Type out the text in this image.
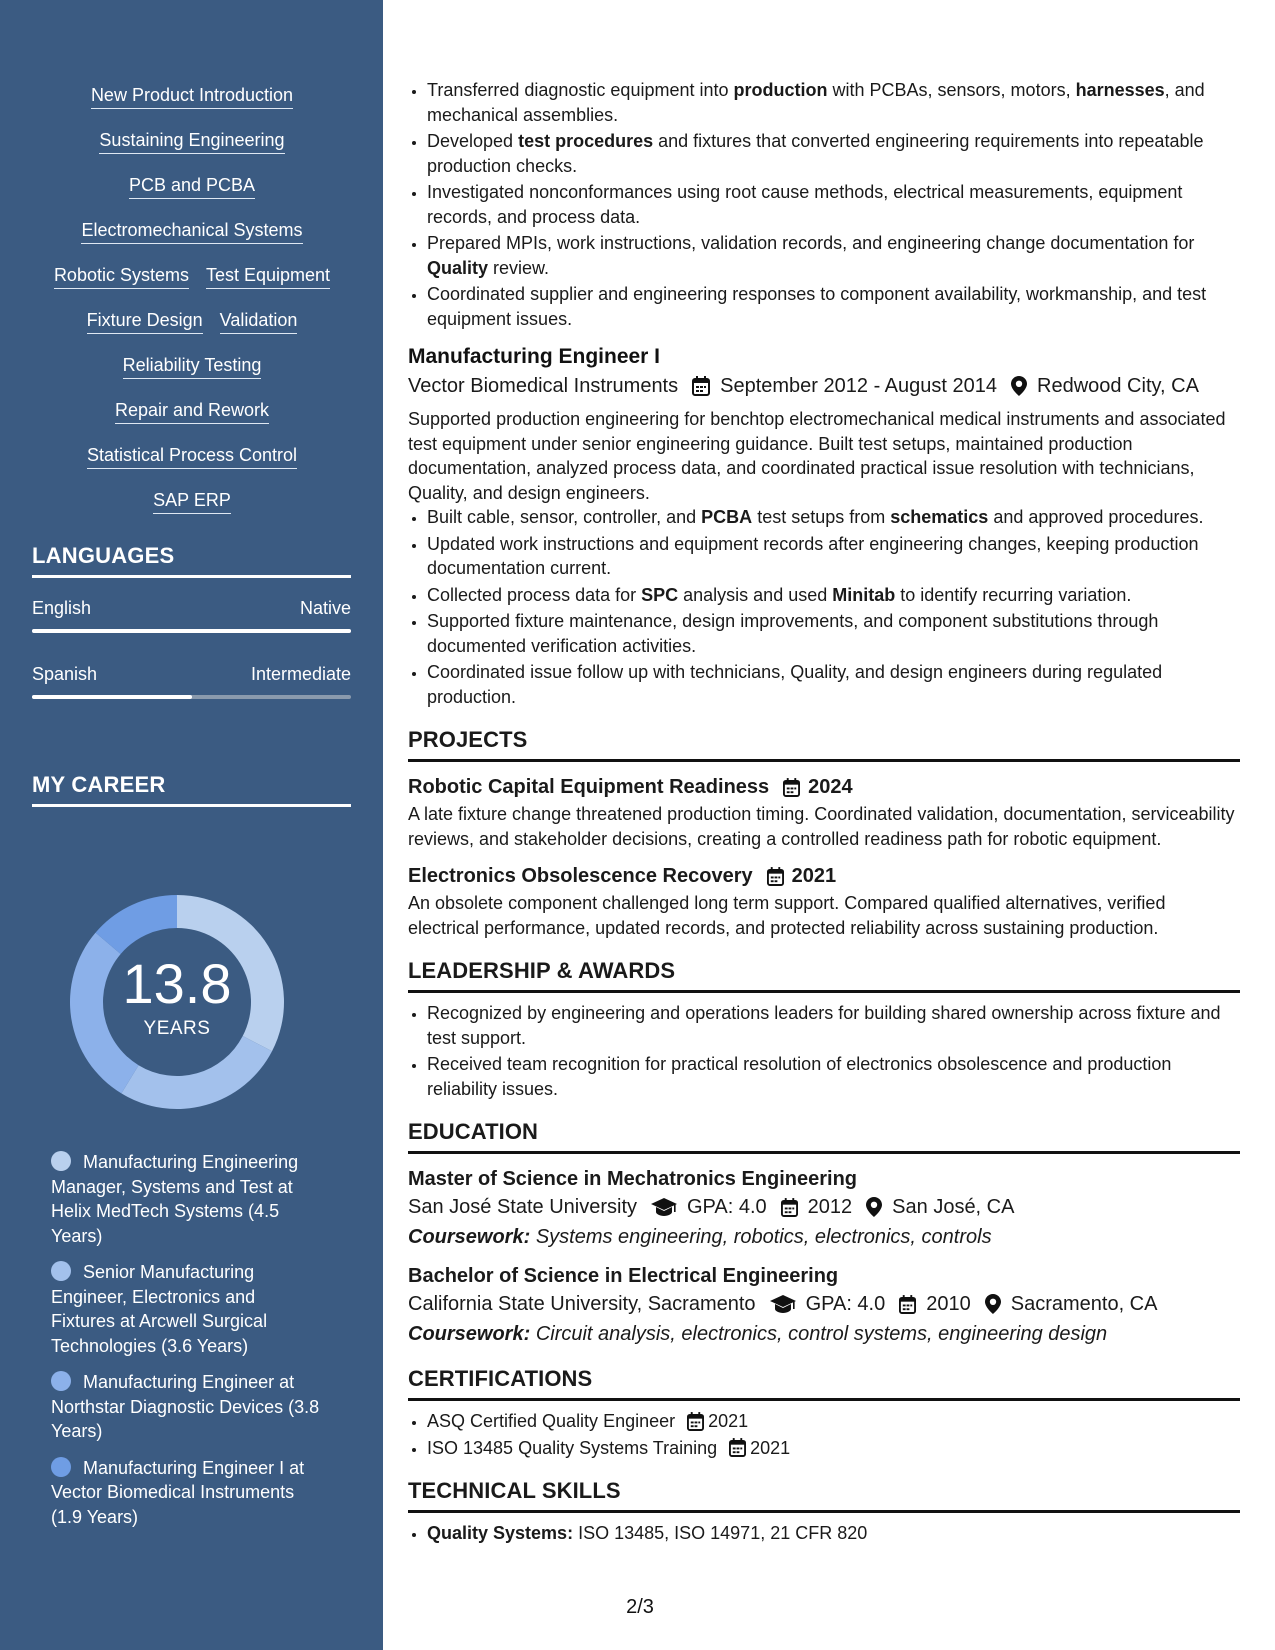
New Product Introduction
Sustaining Engineering
PCB and PCBA
Electromechanical Systems
Robotic Systems Test Equipment
Fixture Design Validation
Reliability Testing
Repair and Rework
Statistical Process Control
SAP ERP
LANGUAGES
English	Native
Spanish	Intermediate
MY CAREER
13.8
YEARS
Manufacturing Engineering Manager, Systems and Test at Helix MedTech Systems (4.5 Years)
Senior Manufacturing Engineer, Electronics and Fixtures at Arcwell Surgical Technologies (3.6 Years)
Manufacturing Engineer at Northstar Diagnostic Devices (3.8 Years)
Manufacturing Engineer I at Vector Biomedical Instruments (1.9 Years)
• Transferred diagnostic equipment into production with PCBAs, sensors, motors, harnesses, and mechanical assemblies.
• Developed test procedures and fixtures that converted engineering requirements into repeatable production checks.
• Investigated nonconformances using root cause methods, electrical measurements, equipment records, and process data.
• Prepared MPIs, work instructions, validation records, and engineering change documentation for Quality review.
• Coordinated supplier and engineering responses to component availability, workmanship, and test equipment issues.
Manufacturing Engineer I
Vector Biomedical Instruments September 2012 - August 2014 Redwood City, CA
Supported production engineering for benchtop electromechanical medical instruments and associated test equipment under senior engineering guidance. Built test setups, maintained production documentation, analyzed process data, and coordinated practical issue resolution with technicians, Quality, and design engineers.
• Built cable, sensor, controller, and PCBA test setups from schematics and approved procedures.
• Updated work instructions and equipment records after engineering changes, keeping production documentation current.
• Collected process data for SPC analysis and used Minitab to identify recurring variation.
• Supported fixture maintenance, design improvements, and component substitutions through documented verification activities.
• Coordinated issue follow up with technicians, Quality, and design engineers during regulated production.
PROJECTS
Robotic Capital Equipment Readiness 2024
A late fixture change threatened production timing. Coordinated validation, documentation, serviceability reviews, and stakeholder decisions, creating a controlled readiness path for robotic equipment.
Electronics Obsolescence Recovery 2021
An obsolete component challenged long term support. Compared qualified alternatives, verified electrical performance, updated records, and protected reliability across sustaining production.
LEADERSHIP & AWARDS
• Recognized by engineering and operations leaders for building shared ownership across fixture and test support.
• Received team recognition for practical resolution of electronics obsolescence and production reliability issues.
EDUCATION
Master of Science in Mechatronics Engineering
San José State University	GPA: 4.0 2012 San José, CA
Coursework: Systems engineering, robotics, electronics, controls
Bachelor of Science in Electrical Engineering
California State University, Sacramento	GPA: 4.0 2010 Sacramento, CA
Coursework: Circuit analysis, electronics, control systems, engineering design
CERTIFICATIONS
• ASQ Certified Quality Engineer 2021
• ISO 13485 Quality Systems Training 2021
TECHNICAL SKILLS
• Quality Systems: ISO 13485, ISO 14971, 21 CFR 820
2/3
